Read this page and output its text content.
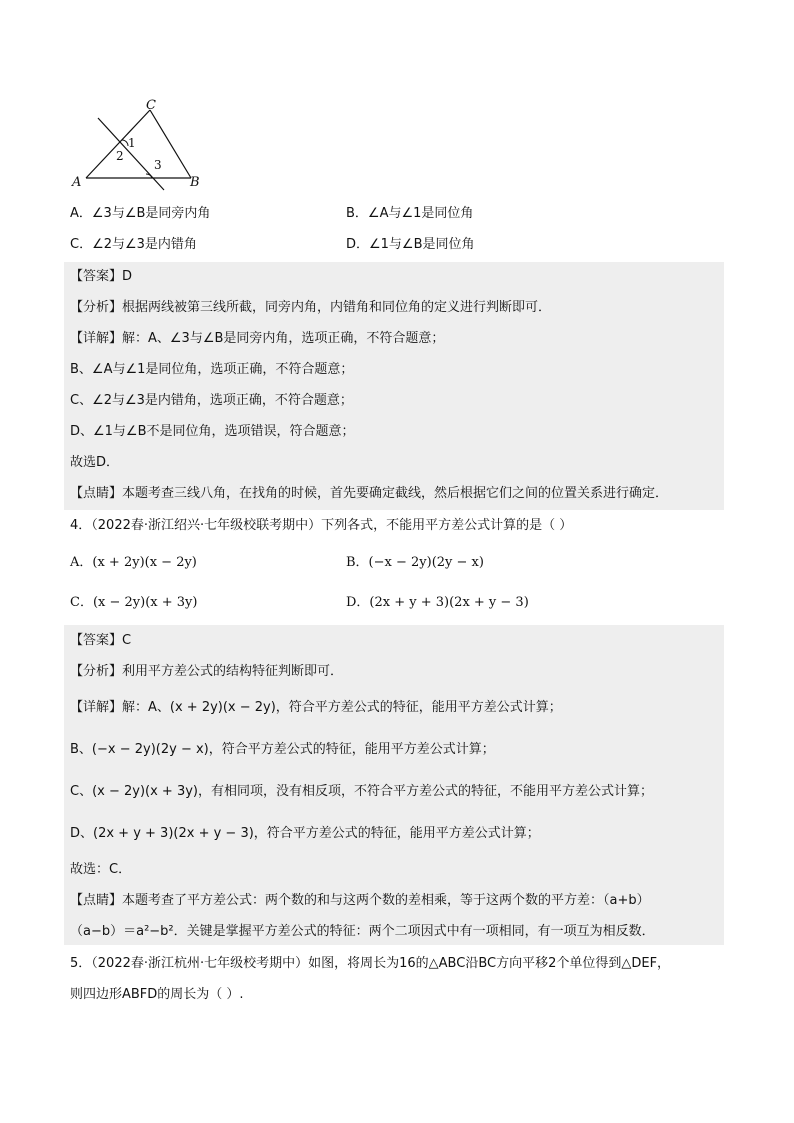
C
A	B
1
2
3
A．∠3与∠B是同旁内角	B．∠A与∠1是同位角
C．∠2与∠3是内错角	D．∠1与∠B是同位角
【答案】D
【分析】根据两线被第三线所截，同旁内角，内错角和同位角的定义进行判断即可．
【详解】解：A、∠3与∠B是同旁内角，选项正确，不符合题意；
B、∠A与∠1是同位角，选项正确，不符合题意；
C、∠2与∠3是内错角，选项正确，不符合题意；
D、∠1与∠B不是同位角，选项错误，符合题意；
故选D．
【点睛】本题考查三线八角，在找角的时候，首先要确定截线，然后根据它们之间的位置关系进行确定．
4．（2022春·浙江绍兴·七年级校联考期中）下列各式，不能用平方差公式计算的是（ ）
A．(x + 2y)(x − 2y)	B．(−x − 2y)(2y − x)
C．(x − 2y)(x + 3y)	D．(2x + y + 3)(2x + y − 3)
【答案】C
【分析】利用平方差公式的结构特征判断即可．
【详解】解：A、(x + 2y)(x − 2y)，符合平方差公式的特征，能用平方差公式计算；
B、(−x − 2y)(2y − x)，符合平方差公式的特征，能用平方差公式计算；
C、(x − 2y)(x + 3y)，有相同项，没有相反项，不符合平方差公式的特征，不能用平方差公式计算；
D、(2x + y + 3)(2x + y − 3)，符合平方差公式的特征，能用平方差公式计算；
故选：C．
【点睛】本题考查了平方差公式：两个数的和与这两个数的差相乘，等于这两个数的平方差：（a+b）
（a−b）＝a²−b²．关键是掌握平方差公式的特征：两个二项因式中有一项相同，有一项互为相反数．
5．（2022春·浙江杭州·七年级校考期中）如图，将周长为16的△ABC沿BC方向平移2个单位得到△DEF，
则四边形ABFD的周长为（ ）.
